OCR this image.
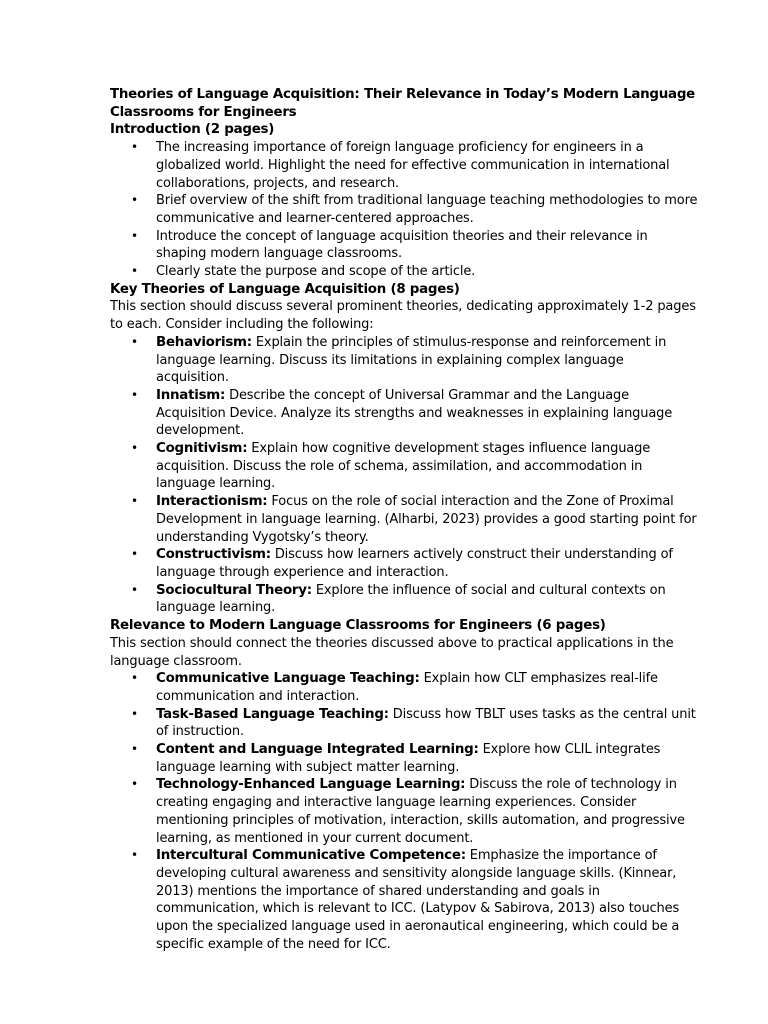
Theories of Language Acquisition: Their Relevance in Today’s Modern Language Classrooms for Engineers

Introduction (2 pages)

• The increasing importance of foreign language proficiency for engineers in a globalized world. Highlight the need for effective communication in international collaborations, projects, and research.
• Brief overview of the shift from traditional language teaching methodologies to more communicative and learner-centered approaches.
• Introduce the concept of language acquisition theories and their relevance in shaping modern language classrooms.
• Clearly state the purpose and scope of the article.

Key Theories of Language Acquisition (8 pages)

This section should discuss several prominent theories, dedicating approximately 1-2 pages to each. Consider including the following:

• Behaviorism: Explain the principles of stimulus-response and reinforcement in language learning. Discuss its limitations in explaining complex language acquisition.
• Innatism: Describe the concept of Universal Grammar and the Language Acquisition Device. Analyze its strengths and weaknesses in explaining language development.
• Cognitivism: Explain how cognitive development stages influence language acquisition. Discuss the role of schema, assimilation, and accommodation in language learning.
• Interactionism: Focus on the role of social interaction and the Zone of Proximal Development in language learning. (Alharbi, 2023) provides a good starting point for understanding Vygotsky’s theory.
• Constructivism: Discuss how learners actively construct their understanding of language through experience and interaction.
• Sociocultural Theory: Explore the influence of social and cultural contexts on language learning.

Relevance to Modern Language Classrooms for Engineers (6 pages)

This section should connect the theories discussed above to practical applications in the language classroom.

• Communicative Language Teaching: Explain how CLT emphasizes real-life communication and interaction.
• Task-Based Language Teaching: Discuss how TBLT uses tasks as the central unit of instruction.
• Content and Language Integrated Learning: Explore how CLIL integrates language learning with subject matter learning.
• Technology-Enhanced Language Learning: Discuss the role of technology in creating engaging and interactive language learning experiences. Consider mentioning principles of motivation, interaction, skills automation, and progressive learning, as mentioned in your current document.
• Intercultural Communicative Competence: Emphasize the importance of developing cultural awareness and sensitivity alongside language skills. (Kinnear, 2013) mentions the importance of shared understanding and goals in communication, which is relevant to ICC. (Latypov & Sabirova, 2013) also touches upon the specialized language used in aeronautical engineering, which could be a specific example of the need for ICC.
